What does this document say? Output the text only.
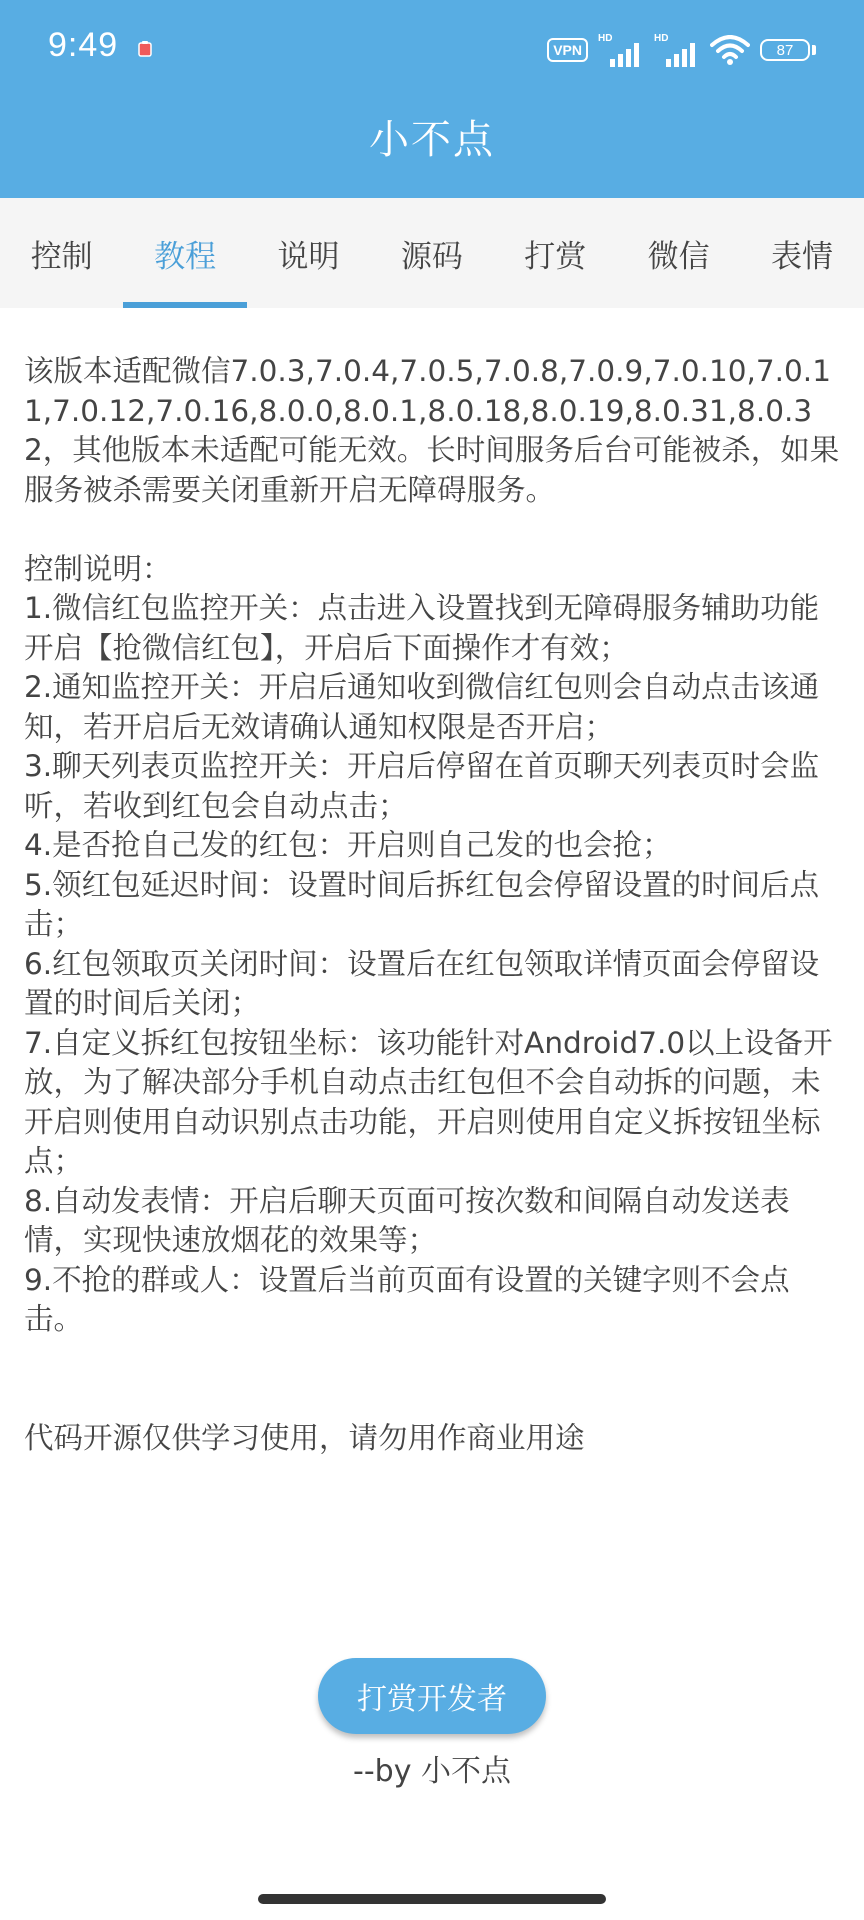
9:49	VPN
HD	HD
87
小不点
控制	教程	说明	源码	打赏	微信	表情

该版本适配微信7.0.3,7.0.4,7.0.5,7.0.8,7.0.9,7.0.10,7.0.11,7.0.12,7.0.16,8.0.0,8.0.1,8.0.18,8.0.19,8.0.31,8.0.32，其他版本未适配可能无效。长时间服务后台可能被杀，如果服务被杀需要关闭重新开启无障碍服务。

控制说明：

1.微信红包监控开关：点击进入设置找到无障碍服务辅助功能开启【抢微信红包】，开启后下面操作才有效；

2.通知监控开关：开启后通知收到微信红包则会自动点击该通知，若开启后无效请确认通知权限是否开启；

3.聊天列表页监控开关：开启后停留在首页聊天列表页时会监听，若收到红包会自动点击；

4.是否抢自己发的红包：开启则自己发的也会抢；

5.领红包延迟时间：设置时间后拆红包会停留设置的时间后点击；

6.红包领取页关闭时间：设置后在红包领取详情页面会停留设置的时间后关闭；

7.自定义拆红包按钮坐标：该功能针对Android7.0以上设备开放，为了解决部分手机自动点击红包但不会自动拆的问题，未开启则使用自动识别点击功能，开启则使用自定义拆按钮坐标点；

8.自动发表情：开启后聊天页面可按次数和间隔自动发送表情，实现快速放烟花的效果等；

9.不抢的群或人：设置后当前页面有设置的关键字则不会点击。

代码开源仅供学习使用，请勿用作商业用途

打赏开发者
--by 小不点
